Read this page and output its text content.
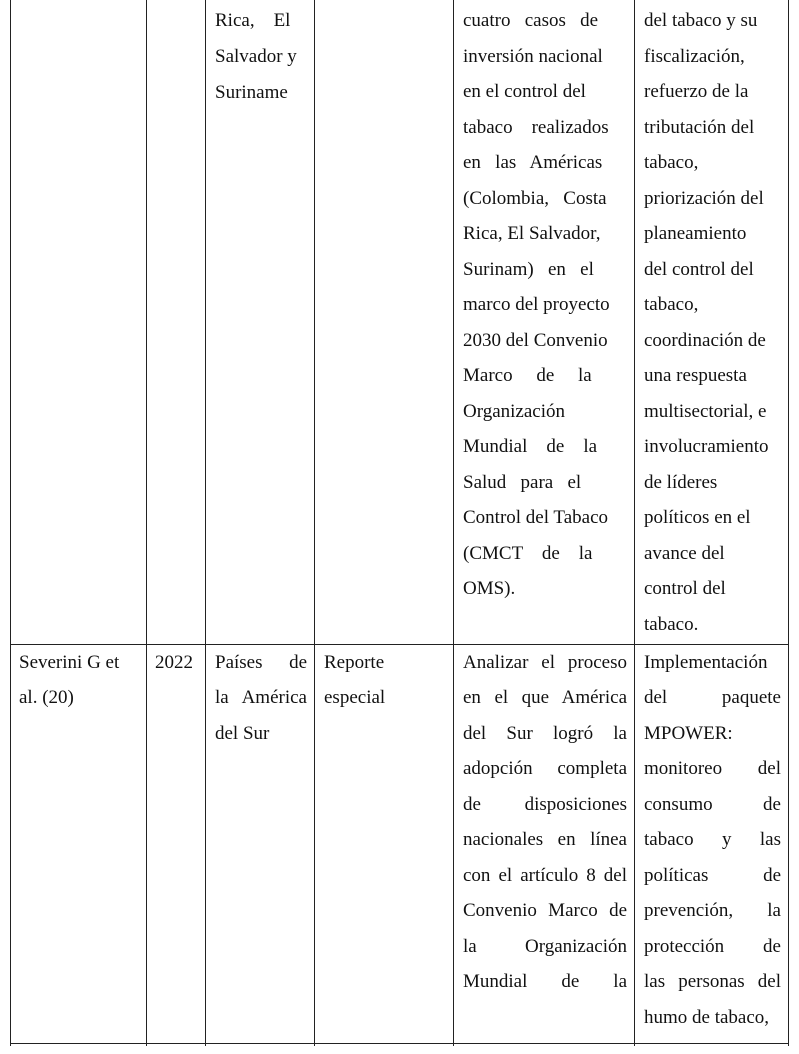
Rica,    El
Salvador y
Suriname
cuatro   casos   de
inversión nacional
en el control del
tabaco    realizados
en   las   Américas
(Colombia,   Costa
Rica, El Salvador,
Surinam)   en   el
marco del proyecto
2030 del Convenio
Marco     de     la
Organización
Mundial    de    la
Salud   para   el
Control del Tabaco
(CMCT    de    la
OMS).
del tabaco y su
fiscalización,
refuerzo de la
tributación del
tabaco,
priorización del
planeamiento
del control del
tabaco,
coordinación de
una respuesta
multisectorial, e
involucramiento
de líderes
políticos en el
avance del
control del
tabaco.
Severini G et
al. (20)
2022 Países de
la América
del Sur
Reporte
especial
Analizar el proceso
en el que América
del Sur logró la
adopción completa
de disposiciones
nacionales en línea
con el artículo 8 del
Convenio Marco de
la Organización
Mundial de la
Implementación
del paquete
MPOWER:
monitoreo del
consumo de
tabaco y las
políticas de
prevención, la
protección de
las personas del
humo de tabaco,
